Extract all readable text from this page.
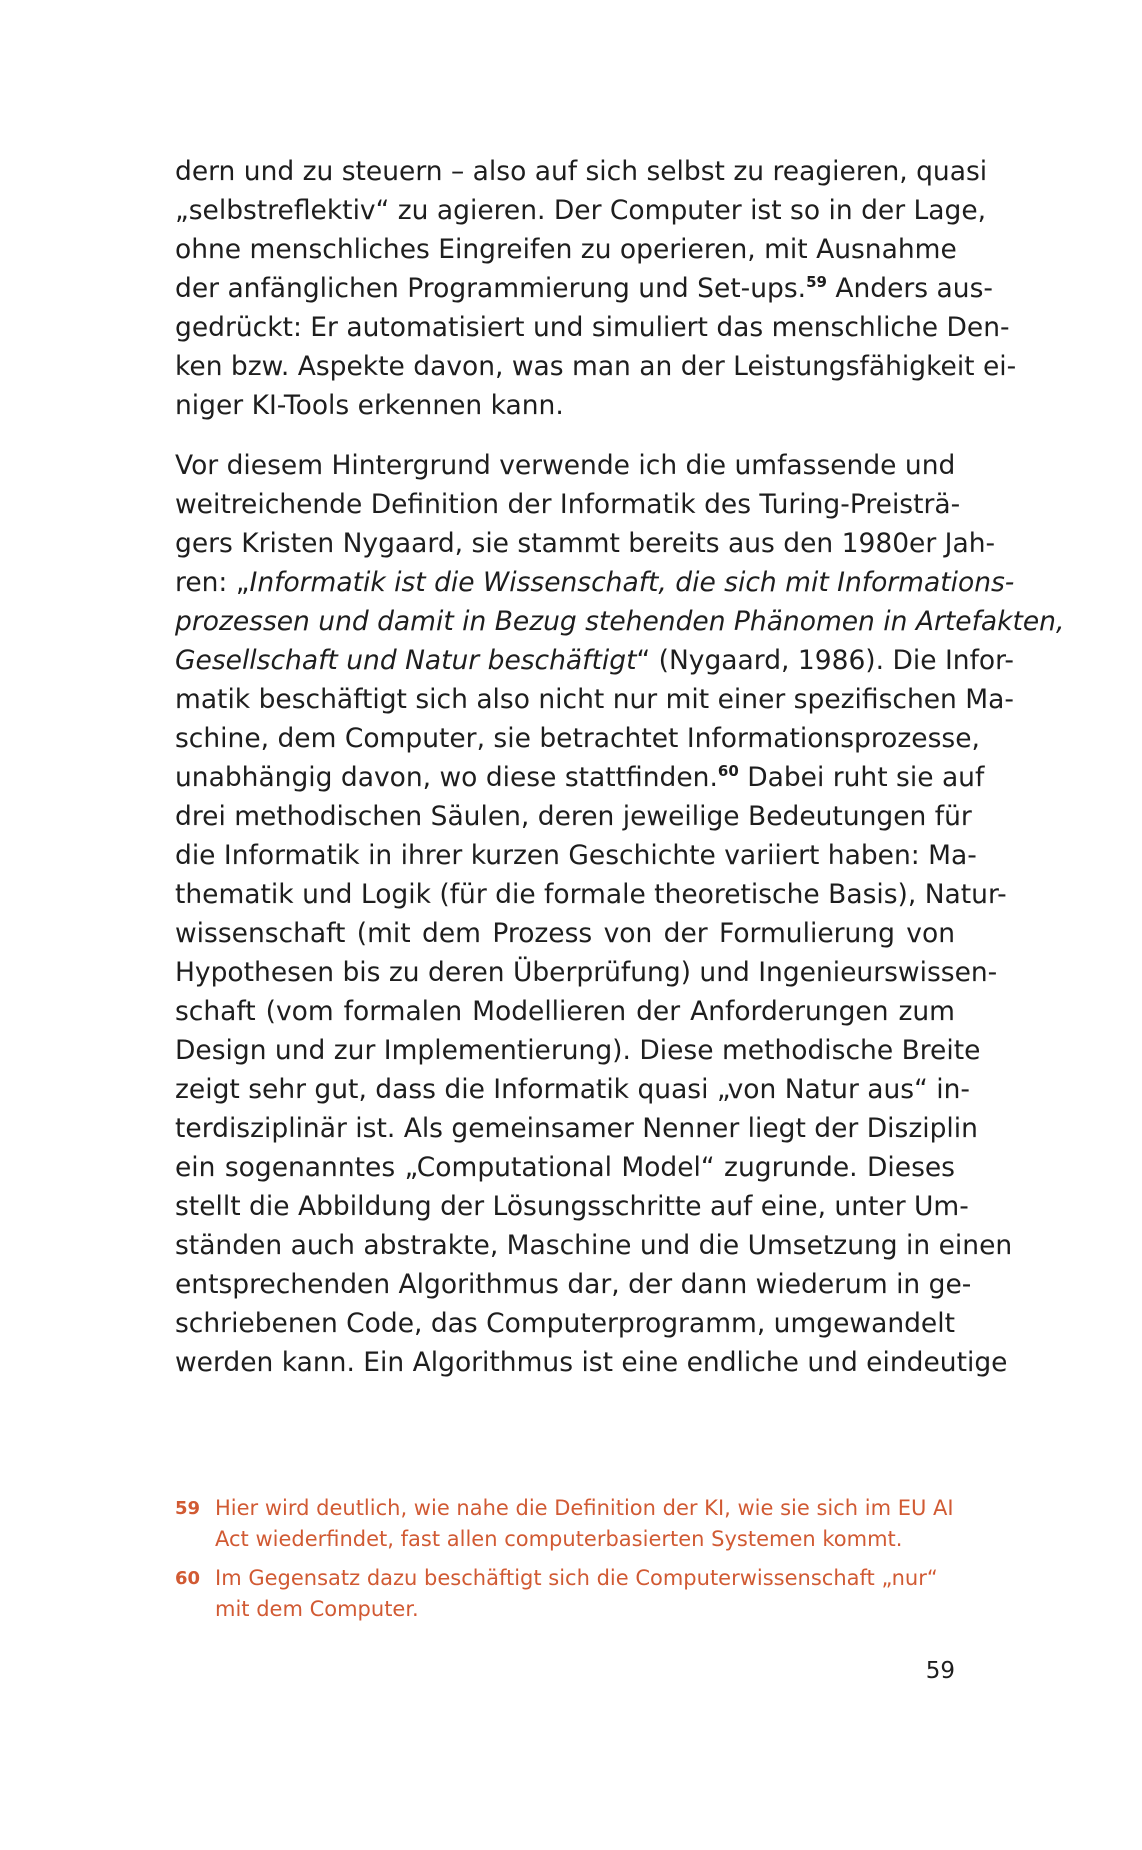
dern und zu steuern – also auf sich selbst zu reagieren, quasi
„selbstreflektiv“ zu agieren. Der Computer ist so in der Lage,
ohne menschliches Eingreifen zu operieren, mit Ausnahme
der anfänglichen Programmierung und Set-ups.$^{59}$ Anders aus-
gedrückt: Er automatisiert und simuliert das menschliche Den-
ken bzw. Aspekte davon, was man an der Leistungsfähigkeit ei-
niger KI-Tools erkennen kann.
Vor diesem Hintergrund verwende ich die umfassende und
weitreichende Definition der Informatik des Turing-Preisträ-
gers Kristen Nygaard, sie stammt bereits aus den 1980er Jah-
ren: „Informatik ist die Wissenschaft, die sich mit Informations-
prozessen und damit in Bezug stehenden Phänomen in Artefakten,
Gesellschaft und Natur beschäftigt“ (Nygaard, 1986). Die Infor-
matik beschäftigt sich also nicht nur mit einer spezifischen Ma-
schine, dem Computer, sie betrachtet Informationsprozesse,
unabhängig davon, wo diese stattfinden.$^{60}$ Dabei ruht sie auf
drei methodischen Säulen, deren jeweilige Bedeutungen für
die Informatik in ihrer kurzen Geschichte variiert haben: Ma-
thematik und Logik (für die formale theoretische Basis), Natur-
wissenschaft (mit dem Prozess von der Formulierung von
Hypothesen bis zu deren Überprüfung) und Ingenieurswissen-
schaft (vom formalen Modellieren der Anforderungen zum
Design und zur Implementierung). Diese methodische Breite
zeigt sehr gut, dass die Informatik quasi „von Natur aus“ in-
terdisziplinär ist. Als gemeinsamer Nenner liegt der Disziplin
ein sogenanntes „Computational Model“ zugrunde. Dieses
stellt die Abbildung der Lösungsschritte auf eine, unter Um-
ständen auch abstrakte, Maschine und die Umsetzung in einen
entsprechenden Algorithmus dar, der dann wiederum in ge-
schriebenen Code, das Computerprogramm, umgewandelt
werden kann. Ein Algorithmus ist eine endliche und eindeutige
59 Hier wird deutlich, wie nahe die Definition der KI, wie sie sich im EU AI
Act wiederfindet, fast allen computerbasierten Systemen kommt.
60 Im Gegensatz dazu beschäftigt sich die Computerwissenschaft „nur“
mit dem Computer.
59
